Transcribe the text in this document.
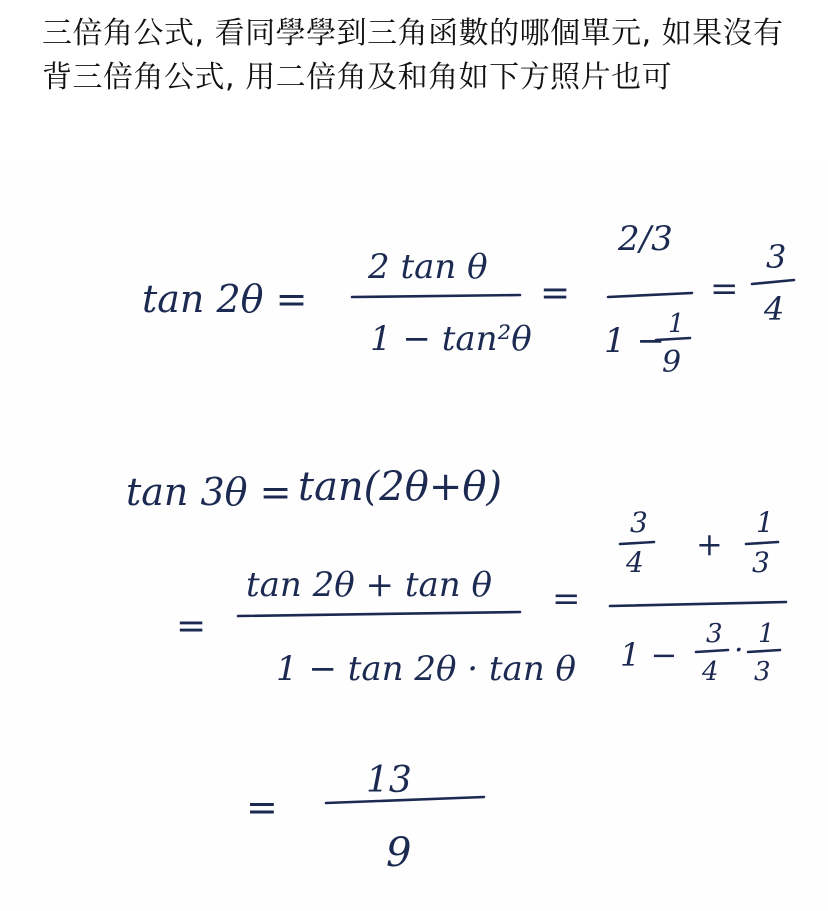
三倍角公式, 看同學學到三角函數的哪個單元, 如果沒有背三倍角公式, 用二倍角及和角如下方照片也可
tan 2θ =
2 tan θ
1 − tan²θ
=
2/3
1 − 1
9
=
3
4
tan 3θ = tan(2θ+θ)
=
tan 2θ + tan θ
1 − tan 2θ · tan θ
=
3
4 +
1
3
1 −
3
4
· 1
3
=
13
9
